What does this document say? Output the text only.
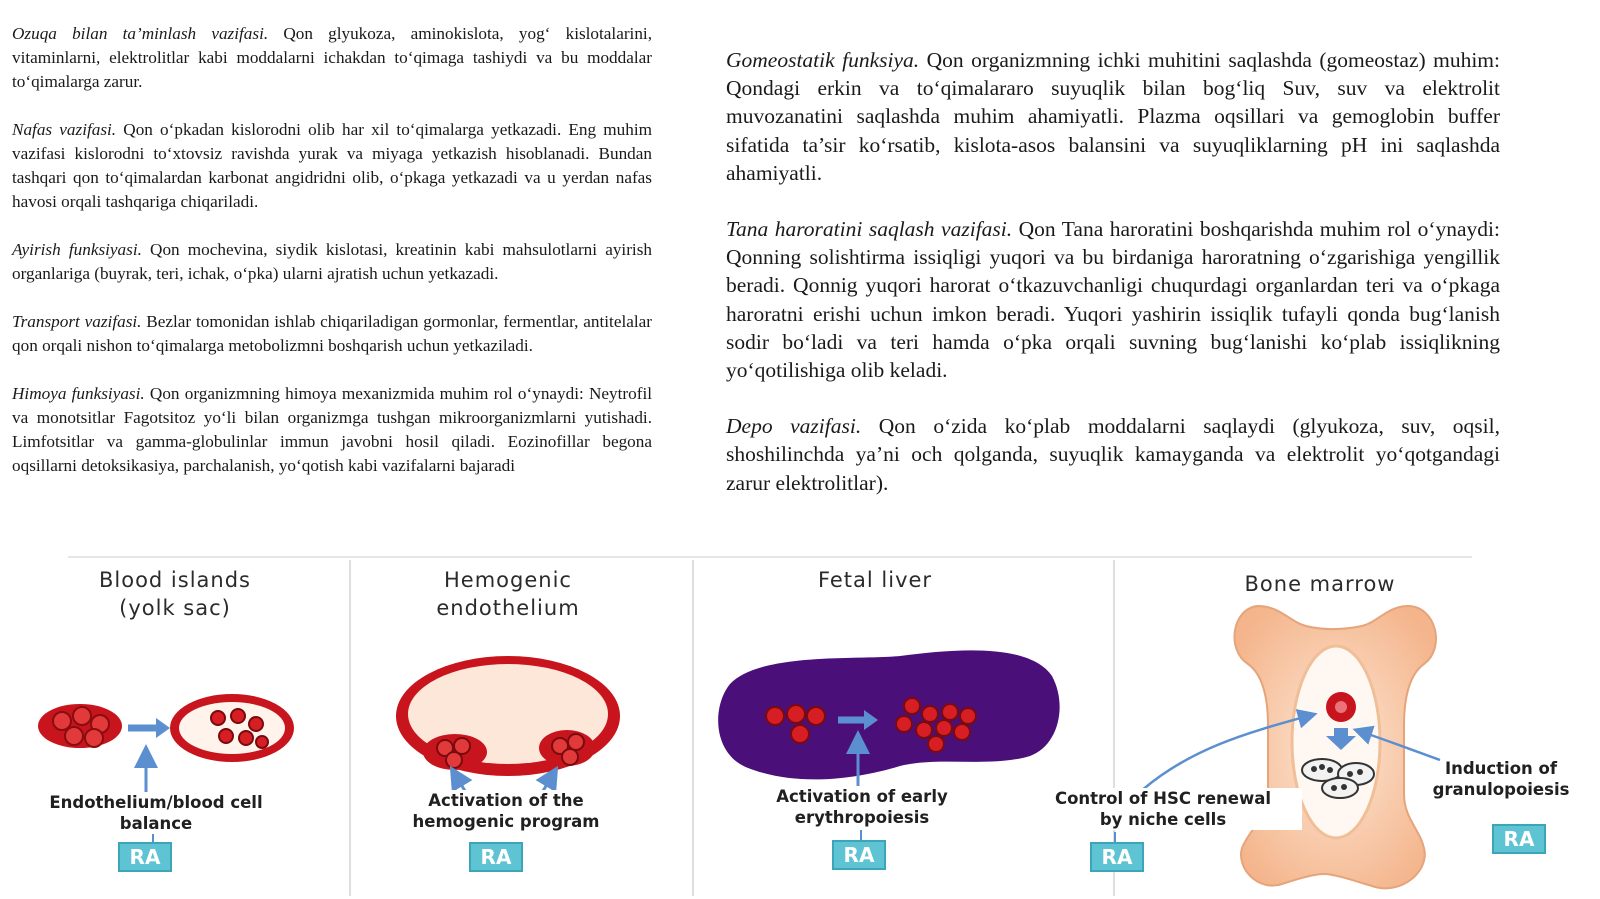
Ozuqa bilan ta’minlash vazifasi. Qon glyukoza, aminokislota, yog‘ kislotalarini, vitaminlarni, elektrolitlar kabi moddalarni ichakdan to‘qimaga tashiydi va bu moddalar to‘qimalarga zarur.

Nafas vazifasi. Qon o‘pkadan kislorodni olib har xil to‘qimalarga yetkazadi. Eng muhim vazifasi kislorodni to‘xtovsiz ravishda yurak va miyaga yetkazish hisoblanadi. Bundan tashqari qon to‘qimalardan karbonat angidridni olib, o‘pkaga yetkazadi va u yerdan nafas havosi orqali tashqariga chiqariladi.

Ayirish funksiyasi. Qon mochevina, siydik kislotasi, kreatinin kabi mahsulotlarni ayirish organlariga (buyrak, teri, ichak, o‘pka) ularni ajratish uchun yetkazadi.

Transport vazifasi. Bezlar tomonidan ishlab chiqariladigan gormonlar, fermentlar, antitelalar qon orqali nishon to‘qimalarga metobolizmni boshqarish uchun yetkaziladi.

Himoya funksiyasi. Qon organizmning himoya mexanizmida muhim rol o‘ynaydi: Neytrofil va monotsitlar Fagotsitoz yo‘li bilan organizmga tushgan mikroorganizmlarni yutishadi. Limfotsitlar va gamma-globulinlar immun javobni hosil qiladi. Eozinofillar begona oqsillarni detoksikasiya, parchalanish, yo‘qotish kabi vazifalarni bajaradi

Gomeostatik funksiya. Qon organizmning ichki muhitini saqlashda (gomeostaz) muhim: Qondagi erkin va to‘qimalararo suyuqlik bilan bog‘liq Suv, suv va elektrolit muvozanatini saqlashda muhim ahamiyatli. Plazma oqsillari va gemoglobin buffer sifatida ta’sir ko‘rsatib, kislota-asos balansini va suyuqliklarning pH ini saqlashda ahamiyatli.

Tana haroratini saqlash vazifasi. Qon Tana haroratini boshqarishda muhim rol o‘ynaydi: Qonning solishtirma issiqligi yuqori va bu birdaniga haroratning o‘zgarishiga yengillik beradi. Qonnig yuqori harorat o‘tkazuvchanligi chuqurdagi organlardan teri va o‘pkaga haroratni erishi uchun imkon beradi. Yuqori yashirin issiqlik tufayli qonda bug‘lanish sodir bo‘ladi va teri hamda o‘pka orqali suvning bug‘lanishi ko‘plab issiqlikning yo‘qotilishiga olib keladi.

Depo vazifasi. Qon o‘zida ko‘plab moddalarni saqlaydi (glyukoza, suv, oqsil, shoshilinchda ya’ni och qolganda, suyuqlik kamayganda va elektrolit yo‘qotgandagi zarur elektrolitlar).

Blood islands
(yolk sac)
Hemogenic
endothelium
Fetal liver	Bone marrow
Endothelium/blood cell
balance
Activation of the
hemogenic program
Activation of early
erythropoiesis
Control of HSC renewal
by niche cells
Induction of
granulopoiesis
RA	RA	RA	RA
RA
